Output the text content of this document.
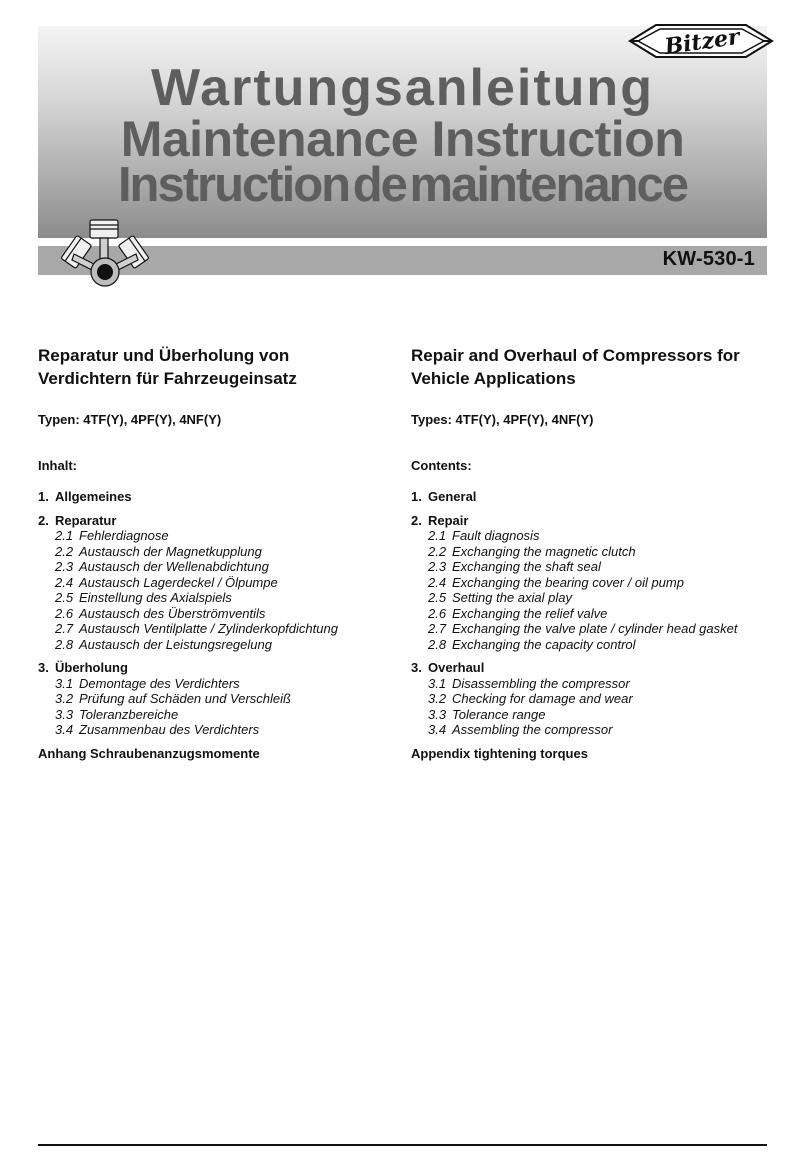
KW-530-1
Wartungsanleitung
Maintenance Instruction
Instruction de maintenance
Bitzer
Reparatur und Überholung von
Verdichtern für Fahrzeugeinsatz
Typen: 4TF(Y), 4PF(Y), 4NF(Y)
Inhalt:
1. Allgemeines
2. Reparatur
2.1 Fehlerdiagnose
2.2 Austausch der Magnetkupplung
2.3 Austausch der Wellenabdichtung
2.4 Austausch Lagerdeckel / Ölpumpe
2.5 Einstellung des Axialspiels
2.6 Austausch des Überströmventils
2.7 Austausch Ventilplatte / Zylinderkopfdichtung
2.8 Austausch der Leistungsregelung
3. Überholung
3.1 Demontage des Verdichters
3.2 Prüfung auf Schäden und Verschleiß
3.3 Toleranzbereiche
3.4 Zusammenbau des Verdichters
Anhang Schraubenanzugsmomente
Repair and Overhaul of Compressors for
Vehicle Applications
Types: 4TF(Y), 4PF(Y), 4NF(Y)
Contents:
1. General
2. Repair
2.1 Fault diagnosis
2.2 Exchanging the magnetic clutch
2.3 Exchanging the shaft seal
2.4 Exchanging the bearing cover / oil pump
2.5 Setting the axial play
2.6 Exchanging the relief valve
2.7 Exchanging the valve plate / cylinder head gasket
2.8 Exchanging the capacity control
3. Overhaul
3.1 Disassembling the compressor
3.2 Checking for damage and wear
3.3 Tolerance range
3.4 Assembling the compressor
Appendix tightening torques
